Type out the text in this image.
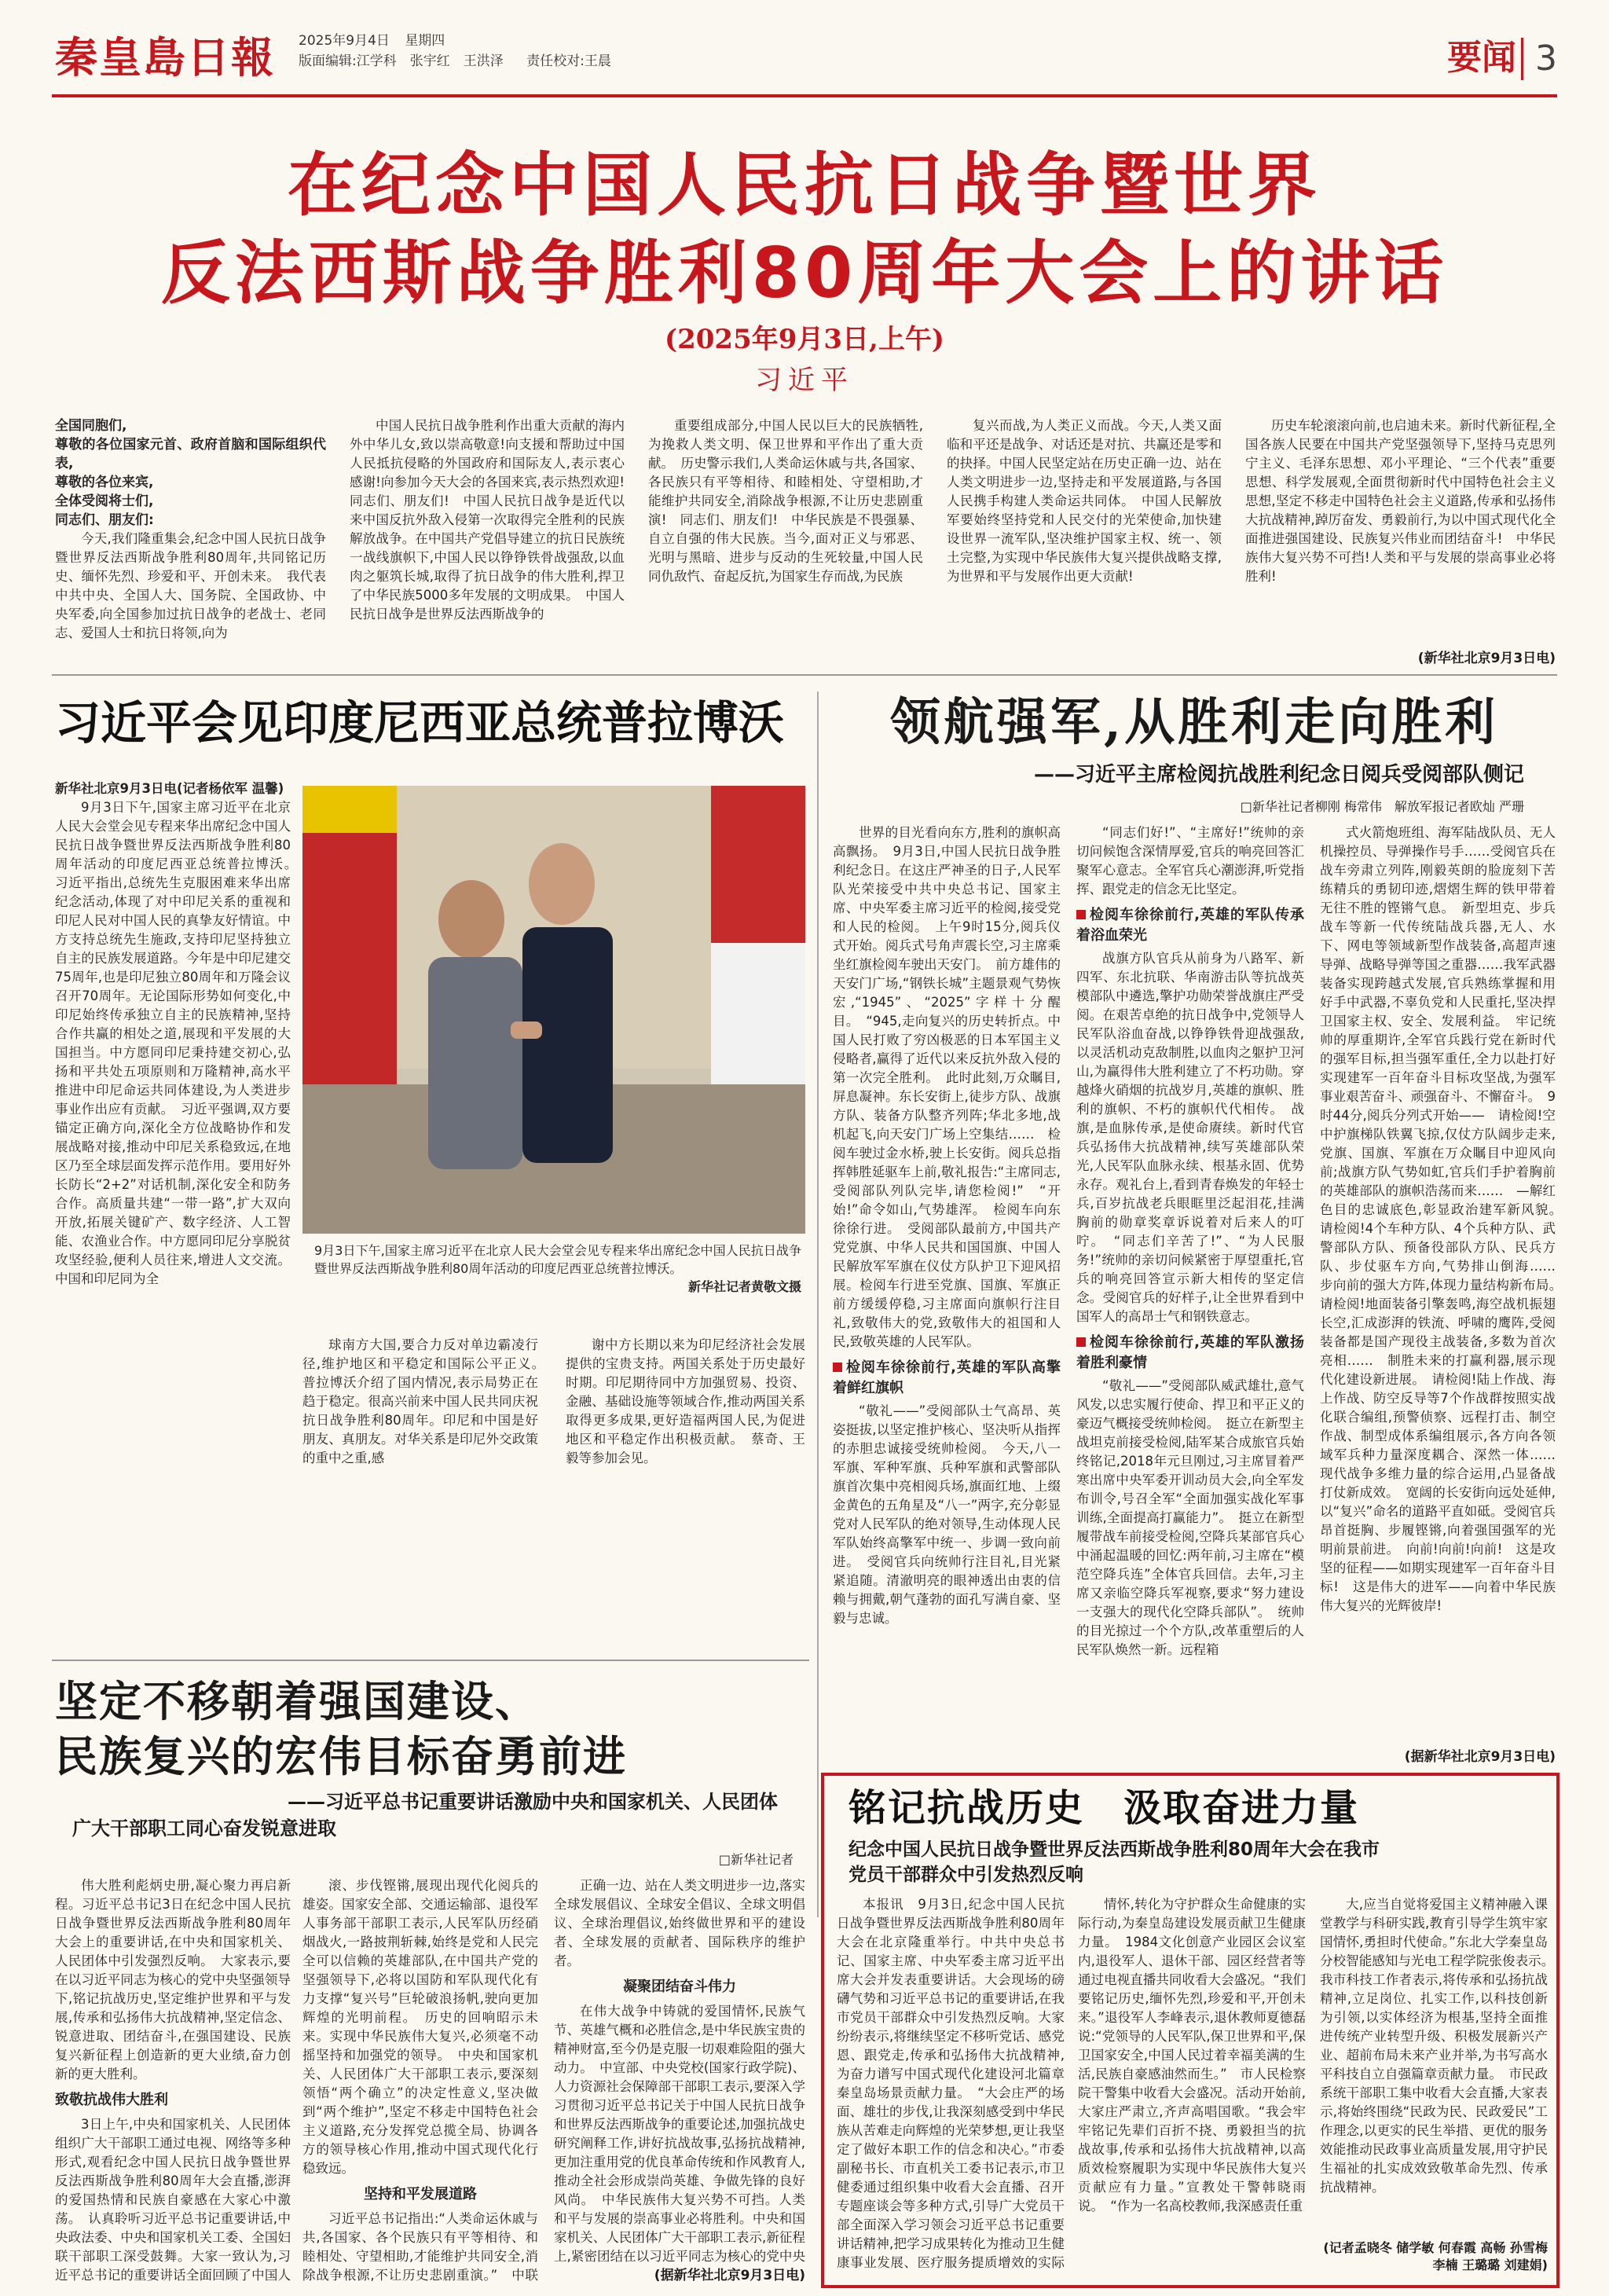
秦皇島日報	2025年9月4日 星期四
版面编辑:江学科　张宇红　王洪泽 责任校对:王晨	要闻 3
在纪念中国人民抗日战争暨世界
反法西斯战争胜利80周年大会上的讲话
(2025年9月3日,上午)
习近平
全国同胞们,
尊敬的各位国家元首、政府首脑和国际组织代表,
尊敬的各位来宾,
全体受阅将士们,
同志们、朋友们:

今天,我们隆重集会,纪念中国人民抗日战争暨世界反法西斯战争胜利80周年,共同铭记历史、缅怀先烈、珍爱和平、开创未来。　我代表中共中央、全国人大、国务院、全国政协、中央军委,向全国参加过抗日战争的老战士、老同志、爱国人士和抗日将领,向为

中国人民抗日战争胜利作出重大贡献的海内外中华儿女,致以崇高敬意!向支援和帮助过中国人民抵抗侵略的外国政府和国际友人,表示衷心感谢!向参加今天大会的各国来宾,表示热烈欢迎!　同志们、朋友们!　中国人民抗日战争是近代以来中国反抗外敌入侵第一次取得完全胜利的民族解放战争。在中国共产党倡导建立的抗日民族统一战线旗帜下,中国人民以铮铮铁骨战强敌,以血肉之躯筑长城,取得了抗日战争的伟大胜利,捍卫了中华民族5000多年发展的文明成果。　中国人民抗日战争是世界反法西斯战争的

重要组成部分,中国人民以巨大的民族牺牲,为挽救人类文明、保卫世界和平作出了重大贡献。　历史警示我们,人类命运休戚与共,各国家、各民族只有平等相待、和睦相处、守望相助,才能维护共同安全,消除战争根源,不让历史悲剧重演!　同志们、朋友们!　中华民族是不畏强暴、自立自强的伟大民族。当今,面对正义与邪恶、光明与黑暗、进步与反动的生死较量,中国人民同仇敌忾、奋起反抗,为国家生存而战,为民族

复兴而战,为人类正义而战。今天,人类又面临和平还是战争、对话还是对抗、共赢还是零和的抉择。中国人民坚定站在历史正确一边、站在人类文明进步一边,坚持走和平发展道路,与各国人民携手构建人类命运共同体。　中国人民解放军要始终坚持党和人民交付的光荣使命,加快建设世界一流军队,坚决维护国家主权、统一、领土完整,为实现中华民族伟大复兴提供战略支撑,为世界和平与发展作出更大贡献!

历史车轮滚滚向前,也启迪未来。新时代新征程,全国各族人民要在中国共产党坚强领导下,坚持马克思列宁主义、毛泽东思想、邓小平理论、“三个代表”重要思想、科学发展观,全面贯彻新时代中国特色社会主义思想,坚定不移走中国特色社会主义道路,传承和弘扬伟大抗战精神,踔厉奋发、勇毅前行,为以中国式现代化全面推进强国建设、民族复兴伟业而团结奋斗!　中华民族伟大复兴势不可挡!人类和平与发展的崇高事业必将胜利!

(新华社北京9月3日电)
习近平会见印度尼西亚总统普拉博沃

新华社北京9月3日电(记者杨依军 温馨)

9月3日下午,国家主席习近平在北京人民大会堂会见专程来华出席纪念中国人民抗日战争暨世界反法西斯战争胜利80周年活动的印度尼西亚总统普拉博沃。　习近平指出,总统先生克服困难来华出席纪念活动,体现了对中印尼关系的重视和印尼人民对中国人民的真挚友好情谊。中方支持总统先生施政,支持印尼坚持独立自主的民族发展道路。今年是中印尼建交75周年,也是印尼独立80周年和万隆会议召开70周年。无论国际形势如何变化,中印尼始终传承独立自主的民族精神,坚持合作共赢的相处之道,展现和平发展的大国担当。中方愿同印尼秉持建交初心,弘扬和平共处五项原则和万隆精神,高水平推进中印尼命运共同体建设,为人类进步事业作出应有贡献。　习近平强调,双方要锚定正确方向,深化全方位战略协作和发展战略对接,推动中印尼关系稳致远,在地区乃至全球层面发挥示范作用。要用好外长防长“2+2”对话机制,深化安全和防务合作。高质量共建“一带一路”,扩大双向开放,拓展关键矿产、数字经济、人工智能、农渔业合作。中方愿同印尼分享脱贫攻坚经验,便利人员往来,增进人文交流。中国和印尼同为全

9月3日下午,国家主席习近平在北京人民大会堂会见专程来华出席纪念中国人民抗日战争暨世界反法西斯战争胜利80周年活动的印度尼西亚总统普拉博沃。
新华社记者黄敬文摄

球南方大国,要合力反对单边霸凌行径,维护地区和平稳定和国际公平正义。　普拉博沃介绍了国内情况,表示局势正在趋于稳定。很高兴前来中国人民共同庆祝抗日战争胜利80周年。印尼和中国是好朋友、真朋友。对华关系是印尼外交政策的重中之重,感

谢中方长期以来为印尼经济社会发展提供的宝贵支持。两国关系处于历史最好时期。印尼期待同中方加强贸易、投资、金融、基础设施等领域合作,推动两国关系取得更多成果,更好造福两国人民,为促进地区和平稳定作出积极贡献。　蔡奇、王毅等参加会见。

领航强军,从胜利走向胜利
——习近平主席检阅抗战胜利纪念日阅兵受阅部队侧记
□新华社记者柳刚 梅常伟　解放军报记者欧灿 严珊

世界的目光看向东方,胜利的旗帜高高飘扬。　9月3日,中国人民抗日战争胜利纪念日。在这庄严神圣的日子,人民军队光荣接受中共中央总书记、国家主席、中央军委主席习近平的检阅,接受党和人民的检阅。　上午9时15分,阅兵仪式开始。阅兵式号角声震长空,习主席乘坐红旗检阅车驶出天安门。　前方雄伟的天安门广场,“钢铁长城”主题景观气势恢宏,“1945”、“2025”字样十分醒目。　“945,走向复兴的历史转折点。中国人民打败了穷凶极恶的日本军国主义侵略者,赢得了近代以来反抗外敌入侵的第一次完全胜利。　此时此刻,万众瞩目,屏息凝神。东长安街上,徒步方队、战旗方队、装备方队整齐列阵;华北多地,战机起飞,向天安门广场上空集结……　检阅车驶过金水桥,驶上长安街。阅兵总指挥韩胜延驱车上前,敬礼报告:“主席同志,受阅部队列队完毕,请您检阅!”　“开始!”命令如山,气势雄浑。　检阅车向东徐徐行进。　受阅部队最前方,中国共产党党旗、中华人民共和国国旗、中国人民解放军军旗在仪仗方队护卫下迎风招展。检阅车行进至党旗、国旗、军旗正前方缓缓停稳,习主席面向旗帜行注目礼,致敬伟大的党,致敬伟大的祖国和人民,致敬英雄的人民军队。

检阅车徐徐前行,英雄的军队高擎着鲜红旗帜

“敬礼——”受阅部队士气高昂、英姿挺拔,以坚定推护核心、坚决听从指挥的赤胆忠诚接受统帅检阅。　今天,八一军旗、军种军旗、兵种军旗和武警部队旗首次集中亮相阅兵场,旗面红地、上缀金黄色的五角星及“八一”两字,充分彰显党对人民军队的绝对领导,生动体现人民军队始终高擎军中统一、步调一致向前进。　受阅官兵向统帅行注目礼,目光紧紧追随。清澈明亮的眼神透出由衷的信赖与拥戴,朝气蓬勃的面孔写满自豪、坚毅与忠诚。

“同志们好!”、“主席好!”统帅的亲切问候饱含深情厚爱,官兵的响亮回答汇聚军心意志。全军官兵心潮澎湃,听党指挥、跟党走的信念无比坚定。

检阅车徐徐前行,英雄的军队传承着浴血荣光

战旗方队官兵从前身为八路军、新四军、东北抗联、华南游击队等抗战英模部队中遴选,擎护功勋荣誉战旗庄严受阅。在艰苦卓绝的抗日战争中,党领导人民军队浴血奋战,以铮铮铁骨迎战强敌,以灵活机动克敌制胜,以血肉之躯护卫河山,为赢得伟大胜利建立了不朽功勋。穿越烽火硝烟的抗战岁月,英雄的旗帜、胜利的旗帜、不朽的旗帜代代相传。　战旗,是血脉传承,是使命赓续。新时代官兵弘扬伟大抗战精神,续写英雄部队荣光,人民军队血脉永续、根基永固、优势永存。观礼台上,看到青春焕发的年轻士兵,百岁抗战老兵眼眶里泛起泪花,挂满胸前的勋章奖章诉说着对后来人的叮咛。　“同志们辛苦了!”、“为人民服务!”统帅的亲切问候紧密于厚望重托,官兵的响亮回答宣示新大相传的坚定信念。受阅官兵的好样子,让全世界看到中国军人的高昂士气和钢铁意志。

检阅车徐徐前行,英雄的军队激扬着胜利豪情

“敬礼——”受阅部队威武雄壮,意气风发,以忠实履行使命、捍卫和平正义的豪迈气概接受统帅检阅。　挺立在新型主战坦克前接受检阅,陆军某合成旅官兵始终铭记,2018年元旦刚过,习主席冒着严寒出席中央军委开训动员大会,向全军发布训令,号召全军“全面加强实战化军事训练,全面提高打赢能力”。　挺立在新型履带战车前接受检阅,空降兵某部官兵心中涌起温暖的回忆:两年前,习主席在“模范空降兵连”全体官兵回信。去年,习主席又亲临空降兵军视察,要求“努力建设一支强大的现代化空降兵部队”。　统帅的目光掠过一个个方队,改革重塑后的人民军队焕然一新。远程箱

式火箭炮班组、海军陆战队员、无人机操控员、导弹操作号手……受阅官兵在战车旁肃立列阵,刚毅英朗的脸庞刻下苦练精兵的勇韧印迹,熠熠生辉的铁甲带着无往不胜的铿锵气息。　新型坦克、步兵战车等新一代传统陆战兵器,无人、水下、网电等领域新型作战装备,高超声速导弹、战略导弹等国之重器……我军武器装备实现跨越式发展,官兵熟练掌握和用好手中武器,不辜负党和人民重托,坚决捍卫国家主权、安全、发展利益。　牢记统帅的厚重期许,全军官兵践行党在新时代的强军目标,担当强军重任,全力以赴打好实现建军一百年奋斗目标攻坚战,为强军事业艰苦奋斗、顽强奋斗、不懈奋斗。　9时44分,阅兵分列式开始——　请检阅!空中护旗梯队铁翼飞掠,仅仗方队阔步走来,党旗、国旗、军旗在万众瞩目中迎风向前;战旗方队气势如虹,官兵们手护着胸前的英雄部队的旗帜浩荡而来……　—解红色目的忠诚底色,彰显政治建军新风貌。　请检阅!4个车种方队、4个兵种方队、武警部队方队、预备役部队方队、民兵方队、步仗驱车方向,气势排山倒海……　步向前的强大方阵,体现力量结构新布局。　请检阅!地面装备引擎轰鸣,海空战机振翅长空,汇成澎湃的铁流、呼啸的鹰阵,受阅装备都是国产现役主战装备,多数为首次亮相……　制胜未来的打赢利器,展示现代化建设新进展。　请检阅!陆上作战、海上作战、防空反导等7个作战群按照实战化联合编组,预警侦察、远程打击、制空作战、制型成体系编组展示,各方向各领域军兵种力量深度耦合、深然一体……　现代战争多维力量的综合运用,凸显备战打仗新成效。　宽阔的长安街向远处延伸,以“复兴”命名的道路平直如砥。受阅官兵昂首挺胸、步履铿锵,向着强国强军的光明前景前进。　向前!向前!向前!　这是攻坚的征程——如期实现建军一百年奋斗目标!　这是伟大的进军——向着中华民族伟大复兴的光辉彼岸!

(据新华社北京9月3日电)
坚定不移朝着强国建设、
民族复兴的宏伟目标奋勇前进
——习近平总书记重要讲话激励中央和国家机关、人民团体
广大干部职工同心奋发锐意进取
□新华社记者

伟大胜利彪炳史册,凝心聚力再启新程。习近平总书记3日在纪念中国人民抗日战争暨世界反法西斯战争胜利80周年大会上的重要讲话,在中央和国家机关、人民团体中引发强烈反响。　大家表示,要在以习近平同志为核心的党中央坚强领导下,铭记抗战历史,坚定维护世界和平与发展,传承和弘扬伟大抗战精神,坚定信念、锐意进取、团结奋斗,在强国建设、民族复兴新征程上创造新的更大业绩,奋力创新的更大胜利。

致敬抗战伟大胜利

3日上午,中央和国家机关、人民团体组织广大干部职工通过电视、网络等多种形式,观看纪念中国人民抗日战争暨世界反法西斯战争胜利80周年大会直播,澎湃的爱国热情和民族自豪感在大家心中激荡。　认真聆听习近平总书记重要讲话,中央政法委、中央和国家机关工委、全国妇联干部职工深受鼓舞。大家一致认为,习近平总书记的重要讲话全面回顾了中国人　

滚、步伐铿锵,展现出现代化阅兵的雄姿。国家安全部、交通运输部、退役军人事务部干部职工表示,人民军队历经硝烟战火,一路披荆斩棘,始终是党和人民完全可以信赖的英雄部队,在中国共产党的坚强领导下,必将以国防和军队现代化有力支撑“复兴号”巨轮破浪扬帆,驶向更加辉煌的光明前程。　历史的回响昭示未来。实现中华民族伟大复兴,必须毫不动摇坚持和加强党的领导。　中央和国家机关、人民团体广大干部职工表示,要深刻领悟“两个确立”的决定性意义,坚决做到“两个维护”,坚定不移走中国特色社会主义道路,充分发挥党总揽全局、协调各方的领导核心作用,推动中国式现代化行稳致远。

坚持和平发展道路

习近平总书记指出:“人类命运休戚与共,各国家、各个民族只有平等相待、和睦相处、守望相助,才能维护共同安全,消除战争根源,不让历史悲剧重演。”　中联

正确一边、站在人类文明进步一边,落实全球发展倡议、全球安全倡议、全球文明倡议、全球治理倡议,始终做世界和平的建设者、全球发展的贡献者、国际秩序的维护者。

凝聚团结奋斗伟力

在伟大战争中铸就的爱国情怀,民族气节、英雄气概和必胜信念,是中华民族宝贵的精神财富,至今仍是克服一切艰难险阻的强大动力。　中宣部、中央党校(国家行政学院)、人力资源社会保障部干部职工表示,要深入学习贯彻习近平总书记关于中国人民抗日战争和世界反法西斯战争的重要论述,加强抗战史研究阐释工作,讲好抗战故事,弘扬抗战精神,更加注重用党的优良革命传统和作风教育人,推动全社会形成崇尚英雄、争做先锋的良好风尚。　中华民族伟大复兴势不可挡。人类和平与发展的崇高事业必将胜利。中央和国家机关、人民团体广大干部职工表示,新征程上,紧密团结在以习近平同志为核心的党中央

(据新华社北京9月3日电)
铭记抗战历史　汲取奋进力量
纪念中国人民抗日战争暨世界反法西斯战争胜利80周年大会在我市
党员干部群众中引发热烈反响

本报讯　9月3日,纪念中国人民抗日战争暨世界反法西斯战争胜利80周年大会在北京隆重举行。中共中央总书记、国家主席、中央军委主席习近平出席大会并发表重要讲话。大会现场的磅礴气势和习近平总书记的重要讲话,在我市党员干部群众中引发热烈反响。大家纷纷表示,将继续坚定不移听党话、感党恩、跟党走,传承和弘扬伟大抗战精神,为奋力谱写中国式现代化建设河北篇章秦皇岛场景贡献力量。　“大会庄严的场面、雄壮的步伐,让我深刻感受到中华民族从苦难走向辉煌的光荣梦想,更让我坚定了做好本职工作的信念和决心。”市委副秘书长、市直机关工委书记表示,市卫健委通过组织集中收看大会直播、召开专题座谈会等多种方式,引导广大党员干部全面深入学习领会习近平总书记重要讲话精神,把学习成果转化为推动卫生健康事业发展、医疗服务提质增效的实际

情怀,转化为守护群众生命健康的实际行动,为秦皇岛建设发展贡献卫生健康力量。　1984文化创意产业园区会议室内,退役军人、退休干部、园区经营者等通过电视直播共同收看大会盛况。“我们要铭记历史,缅怀先烈,珍爱和平,开创未来。”退役军人李峰表示,退休教师夏德磊说:“党领导的人民军队,保卫世界和平,保卫国家安全,中国人民过着幸福美满的生活,民族自豪感油然而生。”　市人民检察院干警集中收看大会盛况。活动开始前,大家庄严肃立,齐声高唱国歌。“我会牢牢铭记先辈们百折不挠、勇毅担当的抗战故事,传承和弘扬伟大抗战精神,以高质效检察履职为实现中华民族伟大复兴贡献应有力量。”宣教处干警韩晓雨说。　“作为一名高校教师,我深感责任重

大,应当自觉将爱国主义精神融入课堂教学与科研实践,教育引导学生筑牢家国情怀,勇担时代使命。”东北大学秦皇岛分校智能感知与光电工程学院张俊表示。　我市科技工作者表示,将传承和弘扬抗战精神,立足岗位、扎实工作,以科技创新为引领,以实体经济为根基,坚持全面推进传统产业转型升级、积极发展新兴产业、超前布局未来产业并举,为书写高水平科技自立自强篇章贡献力量。　市民政系统干部职工集中收看大会直播,大家表示,将始终围绕“民政为民、民政爱民”工作理念,以更实的民生举措、更优的服务效能推动民政事业高质量发展,用守护民生福祉的扎实成效致敬革命先烈、传承抗战精神。

(记者孟晓冬 储学敏 何春霞 高畅 孙雪梅 李楠 王璐璐 刘建娟)
